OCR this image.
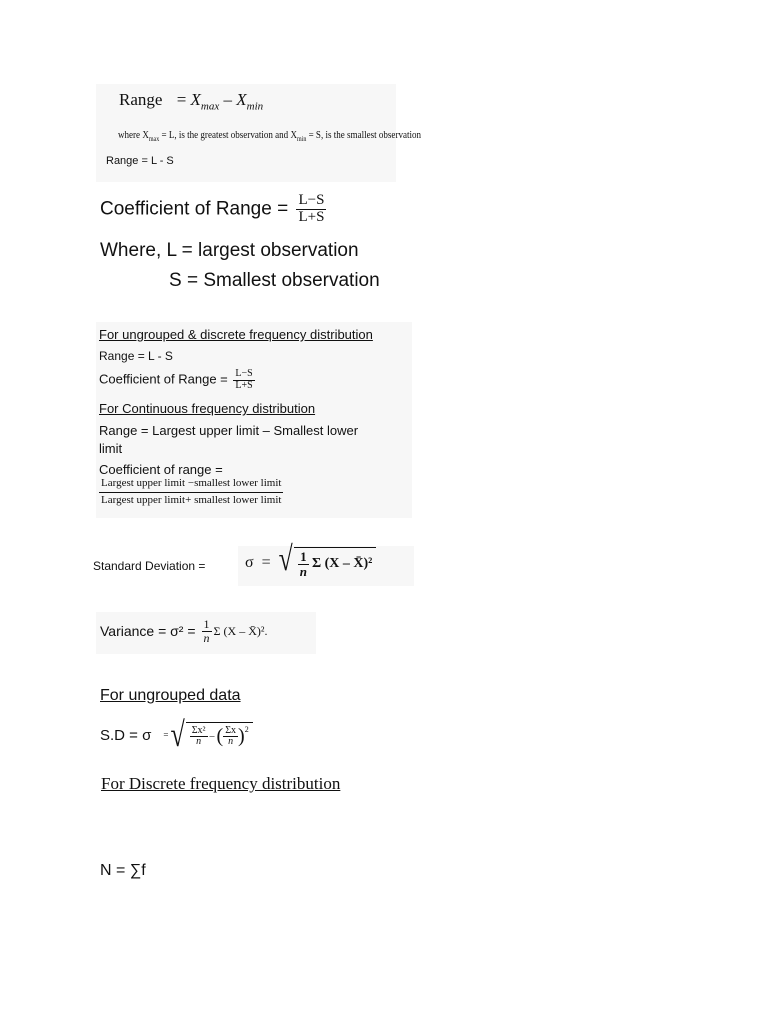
Range = $X_{max} - X_{min}$
where $X_{max} = L$, is the greatest observation and $X_{min} = S$, is the smallest observation
Range = L - S
Coefficient of Range = $\frac{L-S}{L+S}$
Where, L = largest observation
S = Smallest observation
For ungrouped & discrete frequency distribution
Range = L - S
Coefficient of Range = $\frac{L-S}{L+S}$
For Continuous frequency distribution
Range = Largest upper limit – Smallest lower
limit
Coefficient of range =
$\frac{\text{Largest upper limit −smallest lower limit}}{\text{Largest upper limit+ smallest lower limit}}$
Standard Deviation = σ = √ $\frac{1}{n}$ Σ (X – X̄)²
Variance = $\sigma^2 = \frac{1}{n}$ Σ (X – X̄)².
For ungrouped data
S.D = σ = √ $\frac{\text{Σx²}}{n}$ – ( $\frac{\Sigma x}{n} )^2$
For Discrete frequency distribution
N = ∑f
